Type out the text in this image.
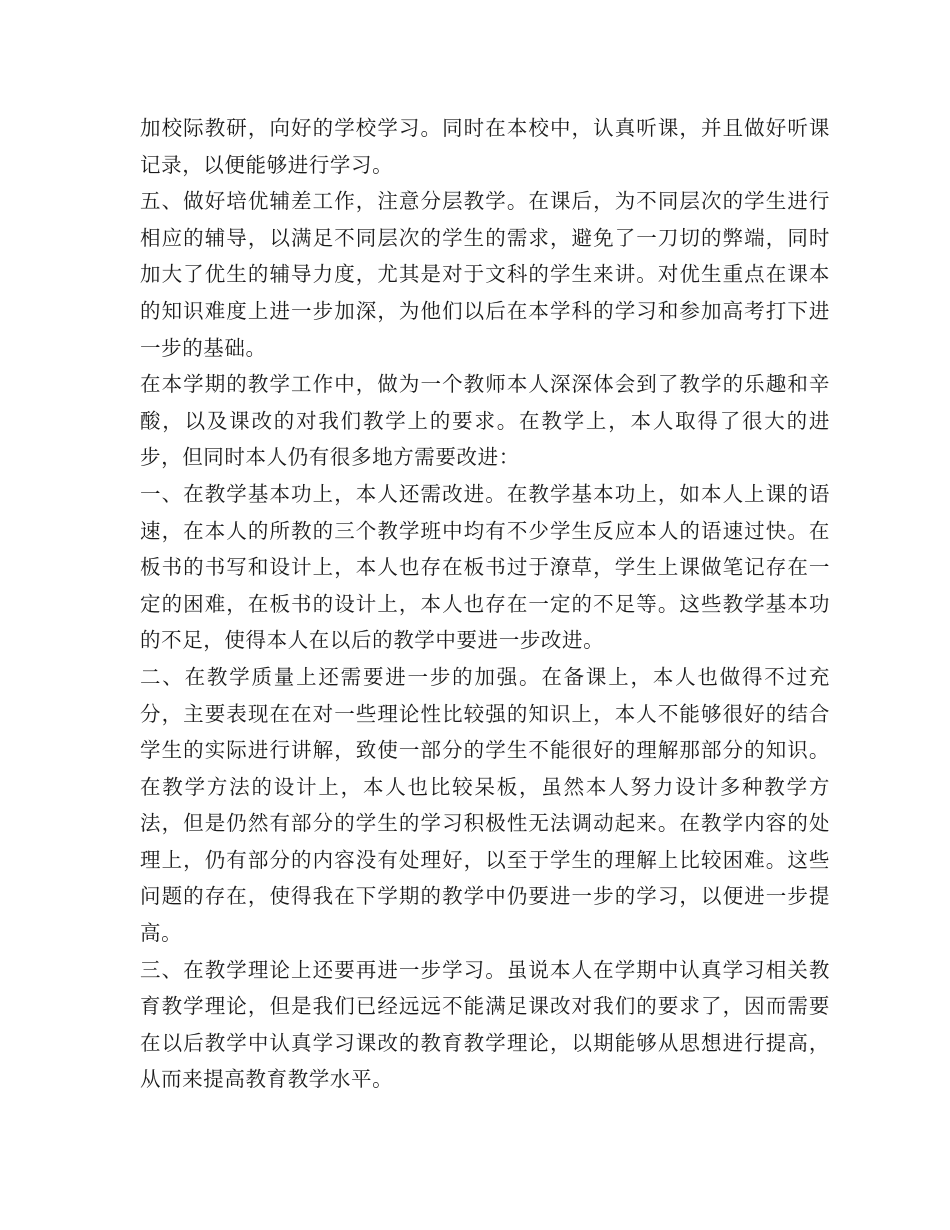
加校际教研，向好的学校学习。同时在本校中，认真听课，并且做好听课记录，以便能够进行学习。

五、做好培优辅差工作，注意分层教学。在课后，为不同层次的学生进行相应的辅导，以满足不同层次的学生的需求，避免了一刀切的弊端，同时加大了优生的辅导力度，尤其是对于文科的学生来讲。对优生重点在课本的知识难度上进一步加深，为他们以后在本学科的学习和参加高考打下进一步的基础。

在本学期的教学工作中，做为一个教师本人深深体会到了教学的乐趣和辛酸，以及课改的对我们教学上的要求。在教学上，本人取得了很大的进步，但同时本人仍有很多地方需要改进：

一、在教学基本功上，本人还需改进。在教学基本功上，如本人上课的语速，在本人的所教的三个教学班中均有不少学生反应本人的语速过快。在板书的书写和设计上，本人也存在板书过于潦草，学生上课做笔记存在一定的困难，在板书的设计上，本人也存在一定的不足等。这些教学基本功的不足，使得本人在以后的教学中要进一步改进。

二、在教学质量上还需要进一步的加强。在备课上，本人也做得不过充分，主要表现在在对一些理论性比较强的知识上，本人不能够很好的结合学生的实际进行讲解，致使一部分的学生不能很好的理解那部分的知识。在教学方法的设计上，本人也比较呆板，虽然本人努力设计多种教学方法，但是仍然有部分的学生的学习积极性无法调动起来。在教学内容的处理上，仍有部分的内容没有处理好，以至于学生的理解上比较困难。这些问题的存在，使得我在下学期的教学中仍要进一步的学习，以便进一步提高。

三、在教学理论上还要再进一步学习。虽说本人在学期中认真学习相关教育教学理论，但是我们已经远远不能满足课改对我们的要求了，因而需要在以后教学中认真学习课改的教育教学理论，以期能够从思想进行提高，从而来提高教育教学水平。
